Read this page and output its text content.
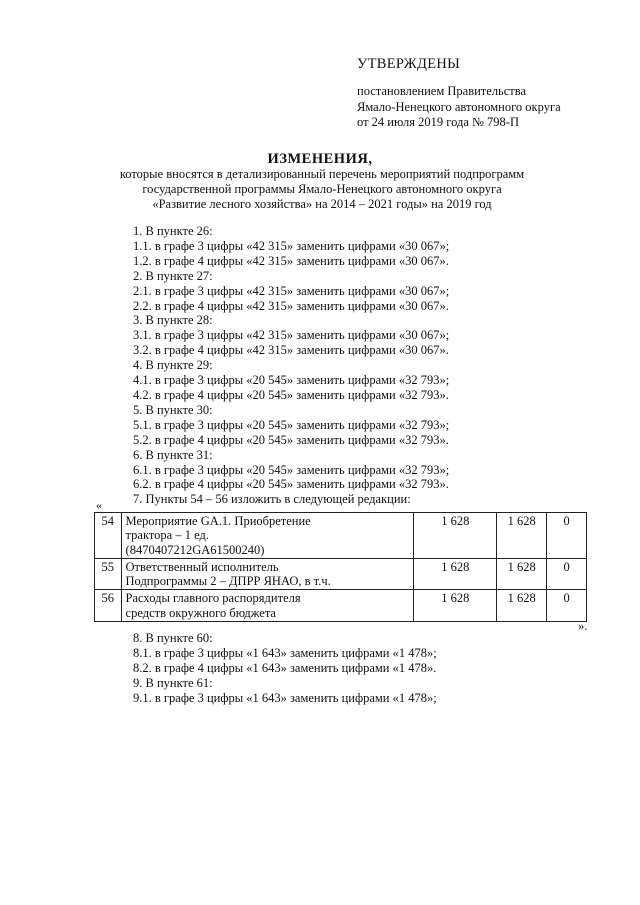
УТВЕРЖДЕНЫ
постановлением Правительства
Ямало-Ненецкого автономного округа
от 24 июля 2019 года № 798-П
ИЗМЕНЕНИЯ,
которые вносятся в детализированный перечень мероприятий подпрограмм
государственной программы Ямало-Ненецкого автономного округа
«Развитие лесного хозяйства» на 2014 – 2021 годы» на 2019 год
1. В пункте 26:
1.1. в графе 3 цифры «42 315» заменить цифрами «30 067»;
1.2. в графе 4 цифры «42 315» заменить цифрами «30 067».
2. В пункте 27:
2.1. в графе 3 цифры «42 315» заменить цифрами «30 067»;
2.2. в графе 4 цифры «42 315» заменить цифрами «30 067».
3. В пункте 28:
3.1. в графе 3 цифры «42 315» заменить цифрами «30 067»;
3.2. в графе 4 цифры «42 315» заменить цифрами «30 067».
4. В пункте 29:
4.1. в графе 3 цифры «20 545» заменить цифрами «32 793»;
4.2. в графе 4 цифры «20 545» заменить цифрами «32 793».
5. В пункте 30:
5.1. в графе 3 цифры «20 545» заменить цифрами «32 793»;
5.2. в графе 4 цифры «20 545» заменить цифрами «32 793».
6. В пункте 31:
6.1. в графе 3 цифры «20 545» заменить цифрами «32 793»;
6.2. в графе 4 цифры «20 545» заменить цифрами «32 793».
7. Пункты 54 – 56 изложить в следующей редакции:
«
54	Мероприятие GA.1. Приобретение
трактора – 1 ед.
(8470407212GA61500240)	1 628	1 628	0
55	Ответственный исполнитель
Подпрограммы 2 – ДПРР ЯНАО, в т.ч.	1 628	1 628	0
56	Расходы главного распорядителя
средств окружного бюджета	1 628	1 628	0
».
8. В пункте 60:
8.1. в графе 3 цифры «1 643» заменить цифрами «1 478»;
8.2. в графе 4 цифры «1 643» заменить цифрами «1 478».
9. В пункте 61:
9.1. в графе 3 цифры «1 643» заменить цифрами «1 478»;
